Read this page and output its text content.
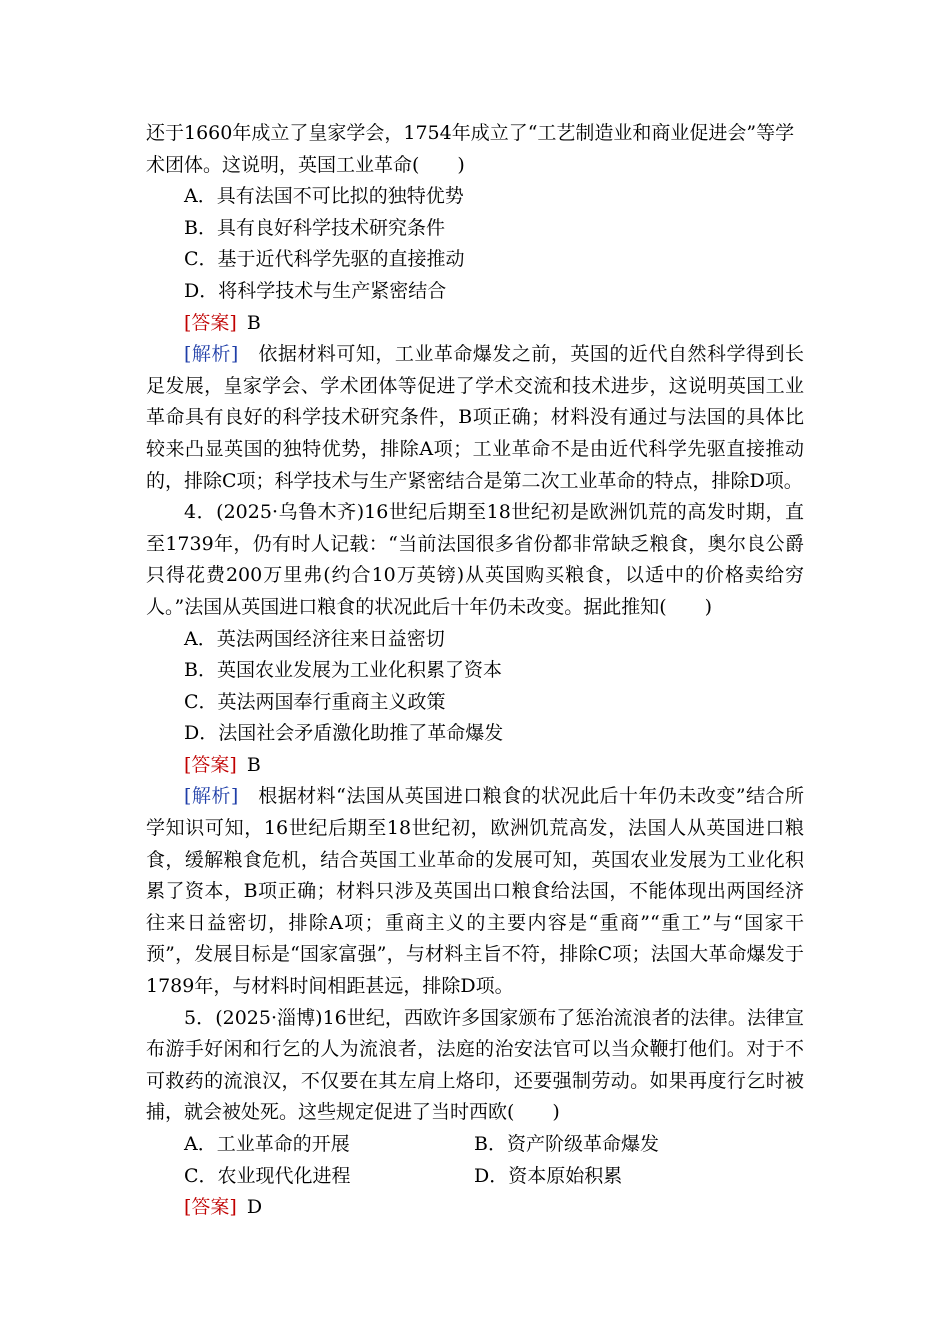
还于1660年成立了皇家学会，1754年成立了“工艺制造业和商业促进会”等学
术团体。这说明，英国工业革命(　　)

A．具有法国不可比拟的独特优势

B．具有良好科学技术研究条件

C．基于近代科学先驱的直接推动

D．将科学技术与生产紧密结合

[答案] B

[解析]　 依据材料可知，工业革命爆发之前，英国的近代自然科学得到长足发展，皇家学会、学术团体等促进了学术交流和技术进步，这说明英国工业革命具有良好的科学技术研究条件，B项正确；材料没有通过与法国的具体比较来凸显英国的独特优势，排除A项；工业革命不是由近代科学先驱直接推动的，排除C项；科学技术与生产紧密结合是第二次工业革命的特点，排除D项。

4．(2025·乌鲁木齐)16世纪后期至18世纪初是欧洲饥荒的高发时期，直至1739年，仍有时人记载：“当前法国很多省份都非常缺乏粮食，奥尔良公爵只得花费200万里弗(约合10万英镑)从英国购买粮食，以适中的价格卖给穷人。”法国从英国进口粮食的状况此后十年仍未改变。据此推知(　　)

A．英法两国经济往来日益密切

B．英国农业发展为工业化积累了资本

C．英法两国奉行重商主义政策

D．法国社会矛盾激化助推了革命爆发

[答案] B

[解析]　 根据材料“法国从英国进口粮食的状况此后十年仍未改变”结合所学知识可知，16世纪后期至18世纪初，欧洲饥荒高发，法国人从英国进口粮食，缓解粮食危机，结合英国工业革命的发展可知，英国农业发展为工业化积累了资本，B项正确；材料只涉及英国出口粮食给法国，不能体现出两国经济往来日益密切，排除A项；重商主义的主要内容是“重商”“重工”与“国家干预”，发展目标是“国家富强”，与材料主旨不符，排除C项；法国大革命爆发于1789年，与材料时间相距甚远，排除D项。

5．(2025·淄博)16世纪，西欧许多国家颁布了惩治流浪者的法律。法律宣布游手好闲和行乞的人为流浪者，法庭的治安法官可以当众鞭打他们。对于不可救药的流浪汉，不仅要在其左肩上烙印，还要强制劳动。如果再度行乞时被捕，就会被处死。这些规定促进了当时西欧(　　)

A．工业革命的开展	B．资产阶级革命爆发
C．农业现代化进程	D．资本原始积累

[答案] D
